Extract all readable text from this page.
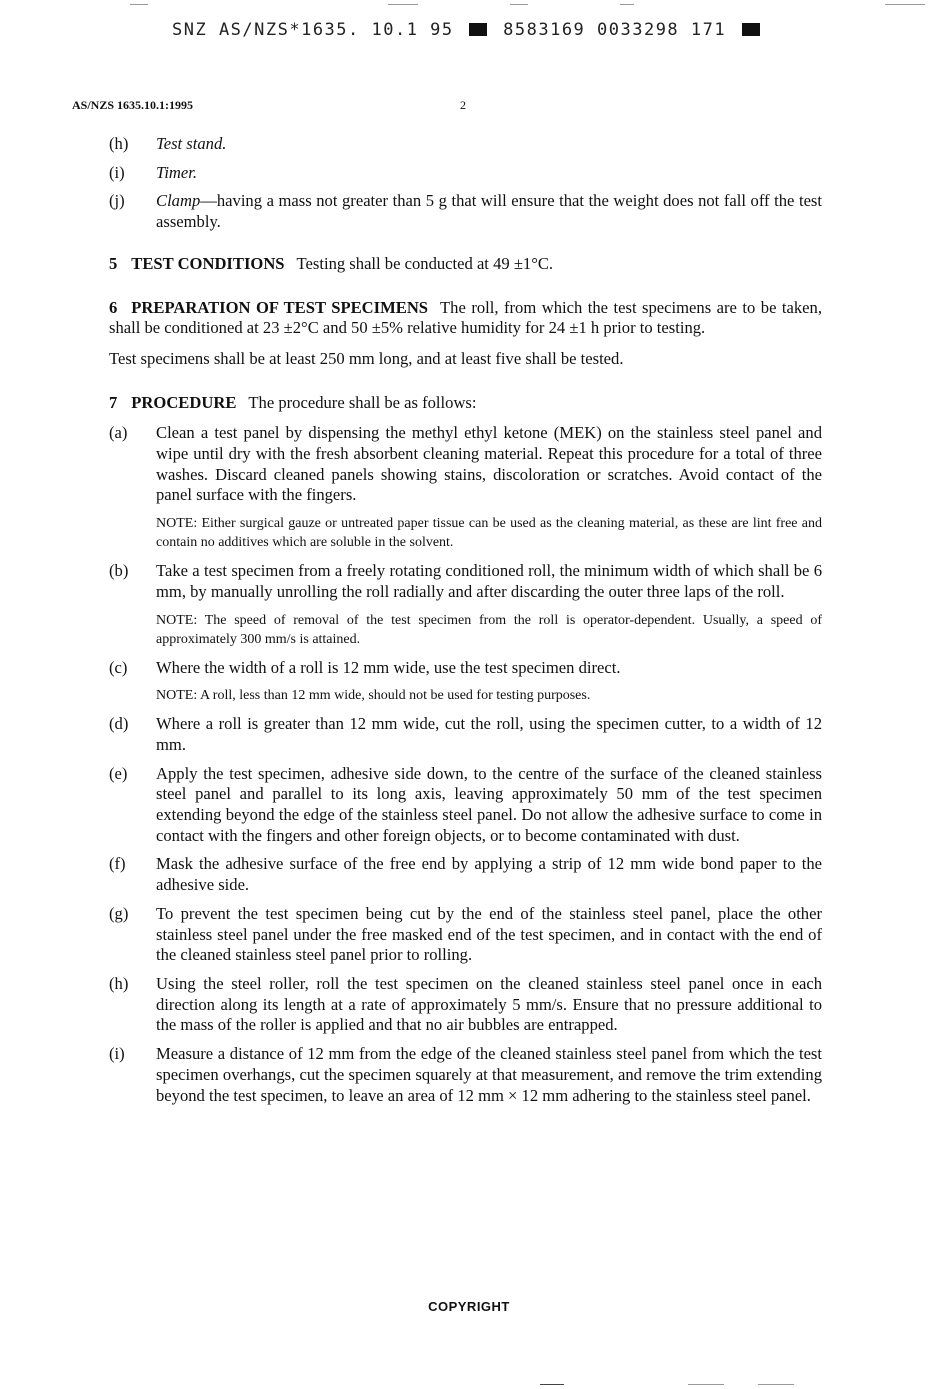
SNZ AS/NZS*1635. 10.1 95	8583169 0033298 171
AS/NZS 1635.10.1:1995	2
(h) Test stand.
(i) Timer.
(j) Clamp—having a mass not greater than 5 g that will ensure that the weight does not fall off the test assembly.
5 TEST CONDITIONS Testing shall be conducted at 49 ±1°C.
6 PREPARATION OF TEST SPECIMENS The roll, from which the test specimens are to be taken, shall be conditioned at 23 ±2°C and 50 ±5% relative humidity for 24 ±1 h prior to testing.
Test specimens shall be at least 250 mm long, and at least five shall be tested.
7 PROCEDURE The procedure shall be as follows:
(a) Clean a test panel by dispensing the methyl ethyl ketone (MEK) on the stainless steel panel and wipe until dry with the fresh absorbent cleaning material. Repeat this procedure for a total of three washes. Discard cleaned panels showing stains, discoloration or scratches. Avoid contact of the panel surface with the fingers.
NOTE: Either surgical gauze or untreated paper tissue can be used as the cleaning material, as these are lint free and contain no additives which are soluble in the solvent.
(b) Take a test specimen from a freely rotating conditioned roll, the minimum width of which shall be 6 mm, by manually unrolling the roll radially and after discarding the outer three laps of the roll.
NOTE: The speed of removal of the test specimen from the roll is operator-dependent. Usually, a speed of approximately 300 mm/s is attained.
(c) Where the width of a roll is 12 mm wide, use the test specimen direct.
NOTE: A roll, less than 12 mm wide, should not be used for testing purposes.
(d) Where a roll is greater than 12 mm wide, cut the roll, using the specimen cutter, to a width of 12 mm.
(e) Apply the test specimen, adhesive side down, to the centre of the surface of the cleaned stainless steel panel and parallel to its long axis, leaving approximately 50 mm of the test specimen extending beyond the edge of the stainless steel panel. Do not allow the adhesive surface to come in contact with the fingers and other foreign objects, or to become contaminated with dust.
(f) Mask the adhesive surface of the free end by applying a strip of 12 mm wide bond paper to the adhesive side.
(g) To prevent the test specimen being cut by the end of the stainless steel panel, place the other stainless steel panel under the free masked end of the test specimen, and in contact with the end of the cleaned stainless steel panel prior to rolling.
(h) Using the steel roller, roll the test specimen on the cleaned stainless steel panel once in each direction along its length at a rate of approximately 5 mm/s. Ensure that no pressure additional to the mass of the roller is applied and that no air bubbles are entrapped.
(i) Measure a distance of 12 mm from the edge of the cleaned stainless steel panel from which the test specimen overhangs, cut the specimen squarely at that measurement, and remove the trim extending beyond the test specimen, to leave an area of 12 mm × 12 mm adhering to the stainless steel panel.
COPYRIGHT
